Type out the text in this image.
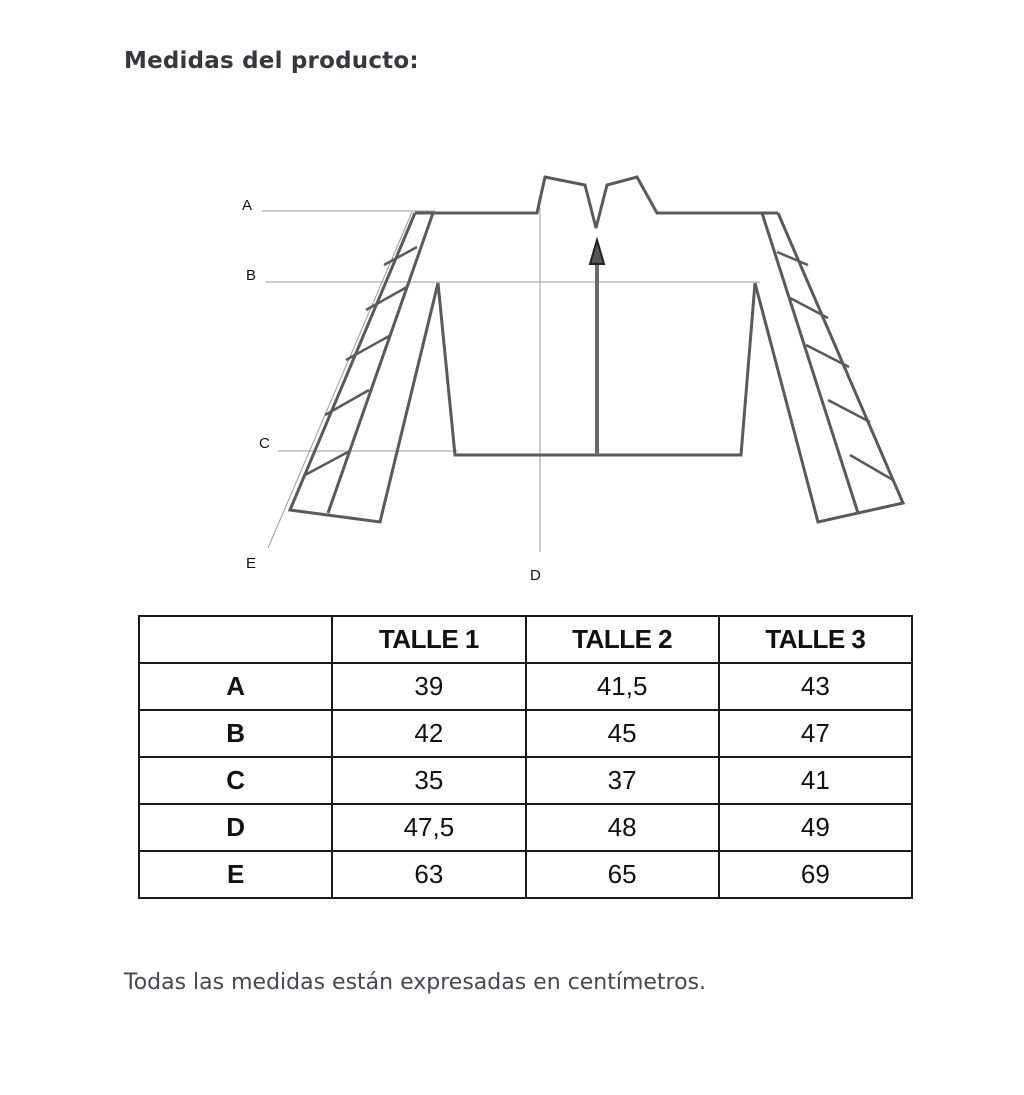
Medidas del producto:
A
B
C
E
D
	TALLE 1	TALLE 2	TALLE 3
A	39	41,5	43
B	42	45	47
C	35	37	41
D	47,5	48	49
E	63	65	69

Todas las medidas están expresadas en centímetros.
